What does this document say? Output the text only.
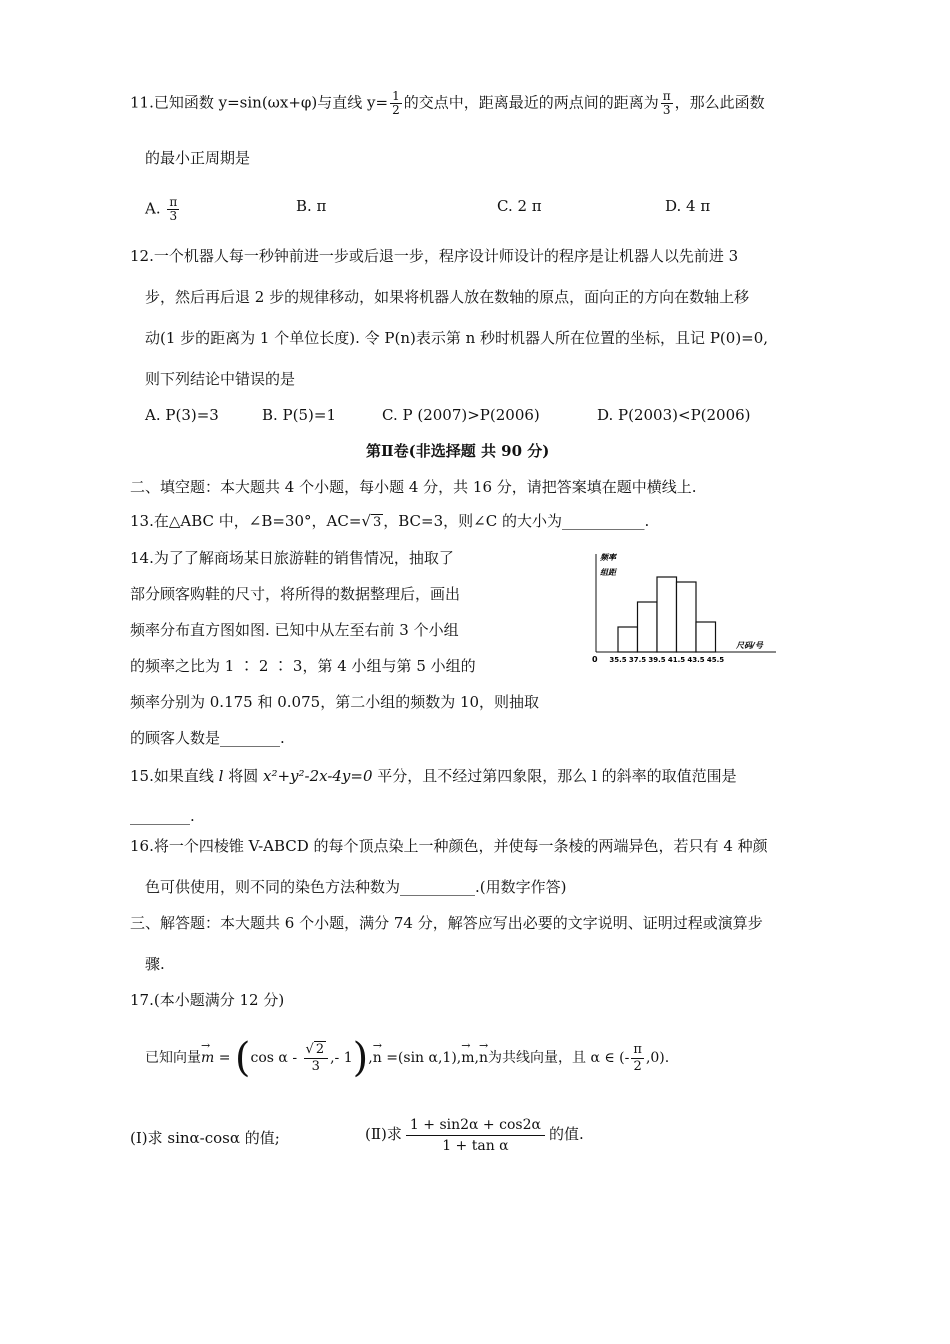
11.已知函数 y=sin(ωx+φ)与直线 $y= \frac{1}{2}$ 的交点中，距离最近的两点间的距离为 $\frac{\pi}{3}$ ，那么此函数
的最小正周期是
A. $\frac{\pi}{3}$	B. π	C. 2 π	D. 4 π
12.一个机器人每一秒钟前进一步或后退一步，程序设计师设计的程序是让机器人以先前进 3
步，然后再后退 2 步的规律移动，如果将机器人放在数轴的原点，面向正的方向在数轴上移
动(1 步的距离为 1 个单位长度). 令 P(n)表示第 n 秒时机器人所在位置的坐标，且记 P(0)=0,
则下列结论中错误的是
A. P(3)=3	B. P(5)=1	C. P (2007)>P(2006)	D. P(2003)<P(2006)
第Ⅱ卷(非选择题 共 90 分)
二、填空题：本大题共 4 个小题，每小题 4 分，共 16 分，请把答案填在题中横线上.
13.在△ABC 中，∠B=30°，AC=√ 3 ，BC=3，则∠C 的大小为___________.
14.为了了解商场某日旅游鞋的销售情况，抽取了
部分顾客购鞋的尺寸，将所得的数据整理后，画出
频率分布直方图如图. 已知中从左至右前 3 个小组
的频率之比为 1 ∶ 2 ∶ 3，第 4 小组与第 5 小组的
频率分别为 0.175 和 0.075，第二小组的频数为 10，则抽取
的顾客人数是________.
频率
组距
尺码/号
0 35.5 37.5 39.5 41.5 43.5 45.5
15.如果直线 l 将圆 x²+y²-2x-4y=0 平分，且不经过第四象限，那么 l 的斜率的取值范围是
________.
16.将一个四棱锥 V-ABCD 的每个顶点染上一种颜色，并使每一条棱的两端异色，若只有 4 种颜
色可供使用，则不同的染色方法种数为__________.(用数字作答)
三、解答题：本大题共 6 个小题，满分 74 分，解答应写出必要的文字说明、证明过程或演算步
骤.
17.(本小题满分 12 分)
已知向量→ m = (cos α - $\frac{√ 2}{3}$ ,- 1),→ n =(sin α,1),→ m,→ n为共线向量，且 α ∈ (- $\frac{\pi}{2} ,0$).
(Ⅰ)求 sinα-cosα 的值;	(Ⅱ)求 $\frac{1 + \sin 2\alpha + \cos 2\alpha}{\text{1 + tan α}}$ 的值.
